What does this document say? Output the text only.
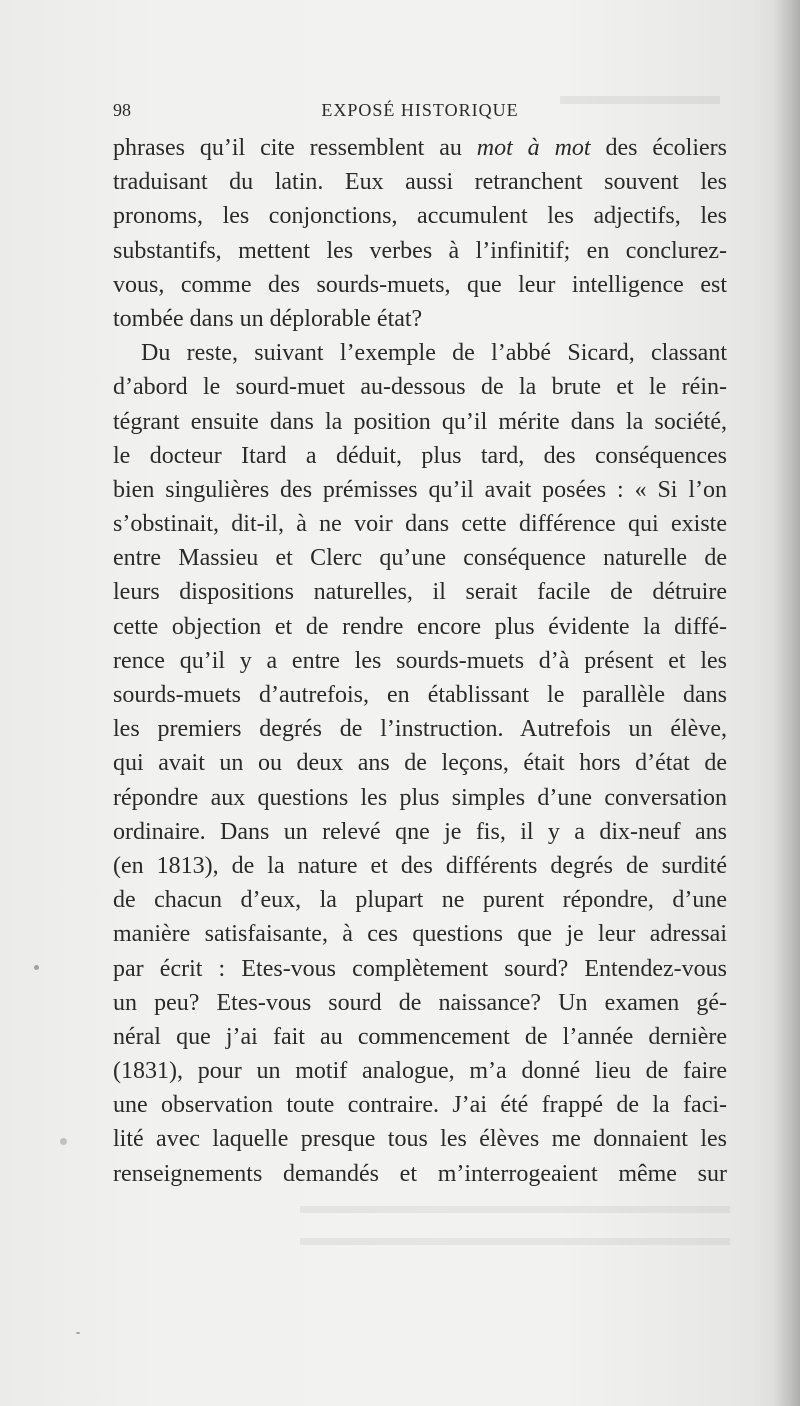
98	EXPOSÉ HISTORIQUE
phrases qu’il cite ressemblent au mot à mot des écoliers
traduisant du latin. Eux aussi retranchent souvent les
pronoms, les conjonctions, accumulent les adjectifs, les
substantifs, mettent les verbes à l’infinitif; en conclurez-
vous, comme des sourds-muets, que leur intelligence est
tombée dans un déplorable état?
Du reste, suivant l’exemple de l’abbé Sicard, classant
d’abord le sourd-muet au-dessous de la brute et le réin-
tégrant ensuite dans la position qu’il mérite dans la société,
le docteur Itard a déduit, plus tard, des conséquences
bien singulières des prémisses qu’il avait posées : « Si l’on
s’obstinait, dit-il, à ne voir dans cette différence qui existe
entre Massieu et Clerc qu’une conséquence naturelle de
leurs dispositions naturelles, il serait facile de détruire
cette objection et de rendre encore plus évidente la diffé-
rence qu’il y a entre les sourds-muets d’à présent et les
sourds-muets d’autrefois, en établissant le parallèle dans
les premiers degrés de l’instruction. Autrefois un élève,
qui avait un ou deux ans de leçons, était hors d’état de
répondre aux questions les plus simples d’une conversation
ordinaire. Dans un relevé qne je fis, il y a dix-neuf ans
(en 1813), de la nature et des différents degrés de surdité
de chacun d’eux, la plupart ne purent répondre, d’une
manière satisfaisante, à ces questions que je leur adressai
par écrit : Etes-vous complètement sourd? Entendez-vous
un peu? Etes-vous sourd de naissance? Un examen gé-
néral que j’ai fait au commencement de l’année dernière
(1831), pour un motif analogue, m’a donné lieu de faire
une observation toute contraire. J’ai été frappé de la faci-
lité avec laquelle presque tous les élèves me donnaient les
renseignements demandés et m’interrogeaient même sur
